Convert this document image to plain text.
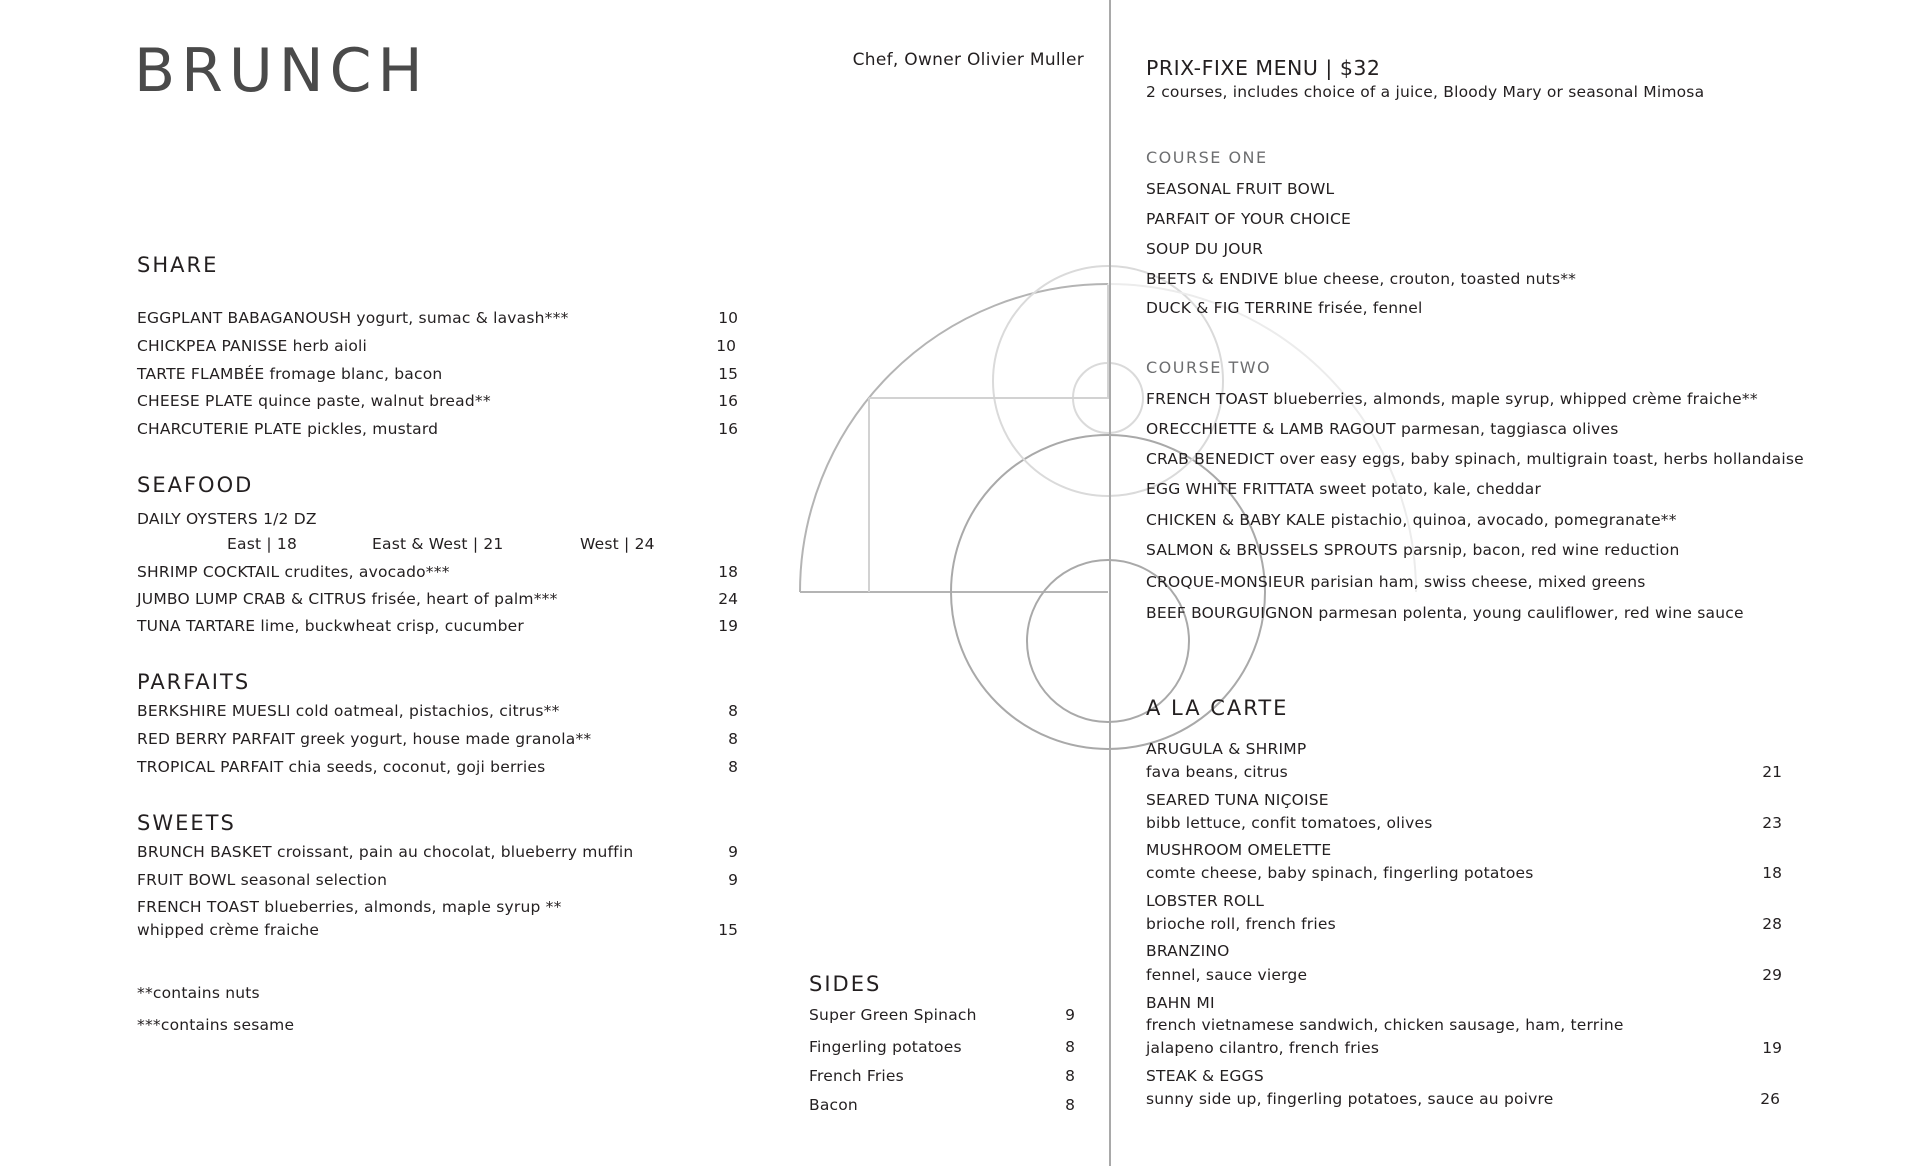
BRUNCH	Chef, Owner Olivier Muller
SHARE
EGGPLANT BABAGANOUSH yogurt, sumac & lavash***	10
CHICKPEA PANISSE herb aioli	10
TARTE FLAMBÉE fromage blanc, bacon	15
CHEESE PLATE quince paste, walnut bread**	16
CHARCUTERIE PLATE pickles, mustard	16
SEAFOOD
DAILY OYSTERS 1/2 DZ
East | 18	East & West | 21	West | 24
SHRIMP COCKTAIL crudites, avocado***	18
JUMBO LUMP CRAB & CITRUS frisée, heart of palm***	24
TUNA TARTARE lime, buckwheat crisp, cucumber	19
PARFAITS
BERKSHIRE MUESLI cold oatmeal, pistachios, citrus**	8
RED BERRY PARFAIT greek yogurt, house made granola**	8
TROPICAL PARFAIT chia seeds, coconut, goji berries	8
SWEETS
BRUNCH BASKET croissant, pain au chocolat, blueberry muffin	9
FRUIT BOWL seasonal selection	9
FRENCH TOAST blueberries, almonds, maple syrup **
whipped crème fraiche	15
**contains nuts
***contains sesame
SIDES
Super Green Spinach	9
Fingerling potatoes	8
French Fries	8
Bacon	8
PRIX-FIXE MENU | $32
2 courses, includes choice of a juice, Bloody Mary or seasonal Mimosa
COURSE ONE
SEASONAL FRUIT BOWL
PARFAIT OF YOUR CHOICE
SOUP DU JOUR
BEETS & ENDIVE blue cheese, crouton, toasted nuts**
DUCK & FIG TERRINE frisée, fennel
COURSE TWO
FRENCH TOAST blueberries, almonds, maple syrup, whipped crème fraiche**
ORECCHIETTE & LAMB RAGOUT parmesan, taggiasca olives
CRAB BENEDICT over easy eggs, baby spinach, multigrain toast, herbs hollandaise
EGG WHITE FRITTATA sweet potato, kale, cheddar
CHICKEN & BABY KALE pistachio, quinoa, avocado, pomegranate**
SALMON & BRUSSELS SPROUTS parsnip, bacon, red wine reduction
CROQUE-MONSIEUR parisian ham, swiss cheese, mixed greens
BEEF BOURGUIGNON parmesan polenta, young cauliflower, red wine sauce
A LA CARTE
ARUGULA & SHRIMP
fava beans, citrus	21
SEARED TUNA NIÇOISE
bibb lettuce, confit tomatoes, olives	23
MUSHROOM OMELETTE
comte cheese, baby spinach, fingerling potatoes	18
LOBSTER ROLL
brioche roll, french fries	28
BRANZINO
fennel, sauce vierge	29
BAHN MI
french vietnamese sandwich, chicken sausage, ham, terrine
jalapeno cilantro, french fries	19
STEAK & EGGS
sunny side up, fingerling potatoes, sauce au poivre	26
